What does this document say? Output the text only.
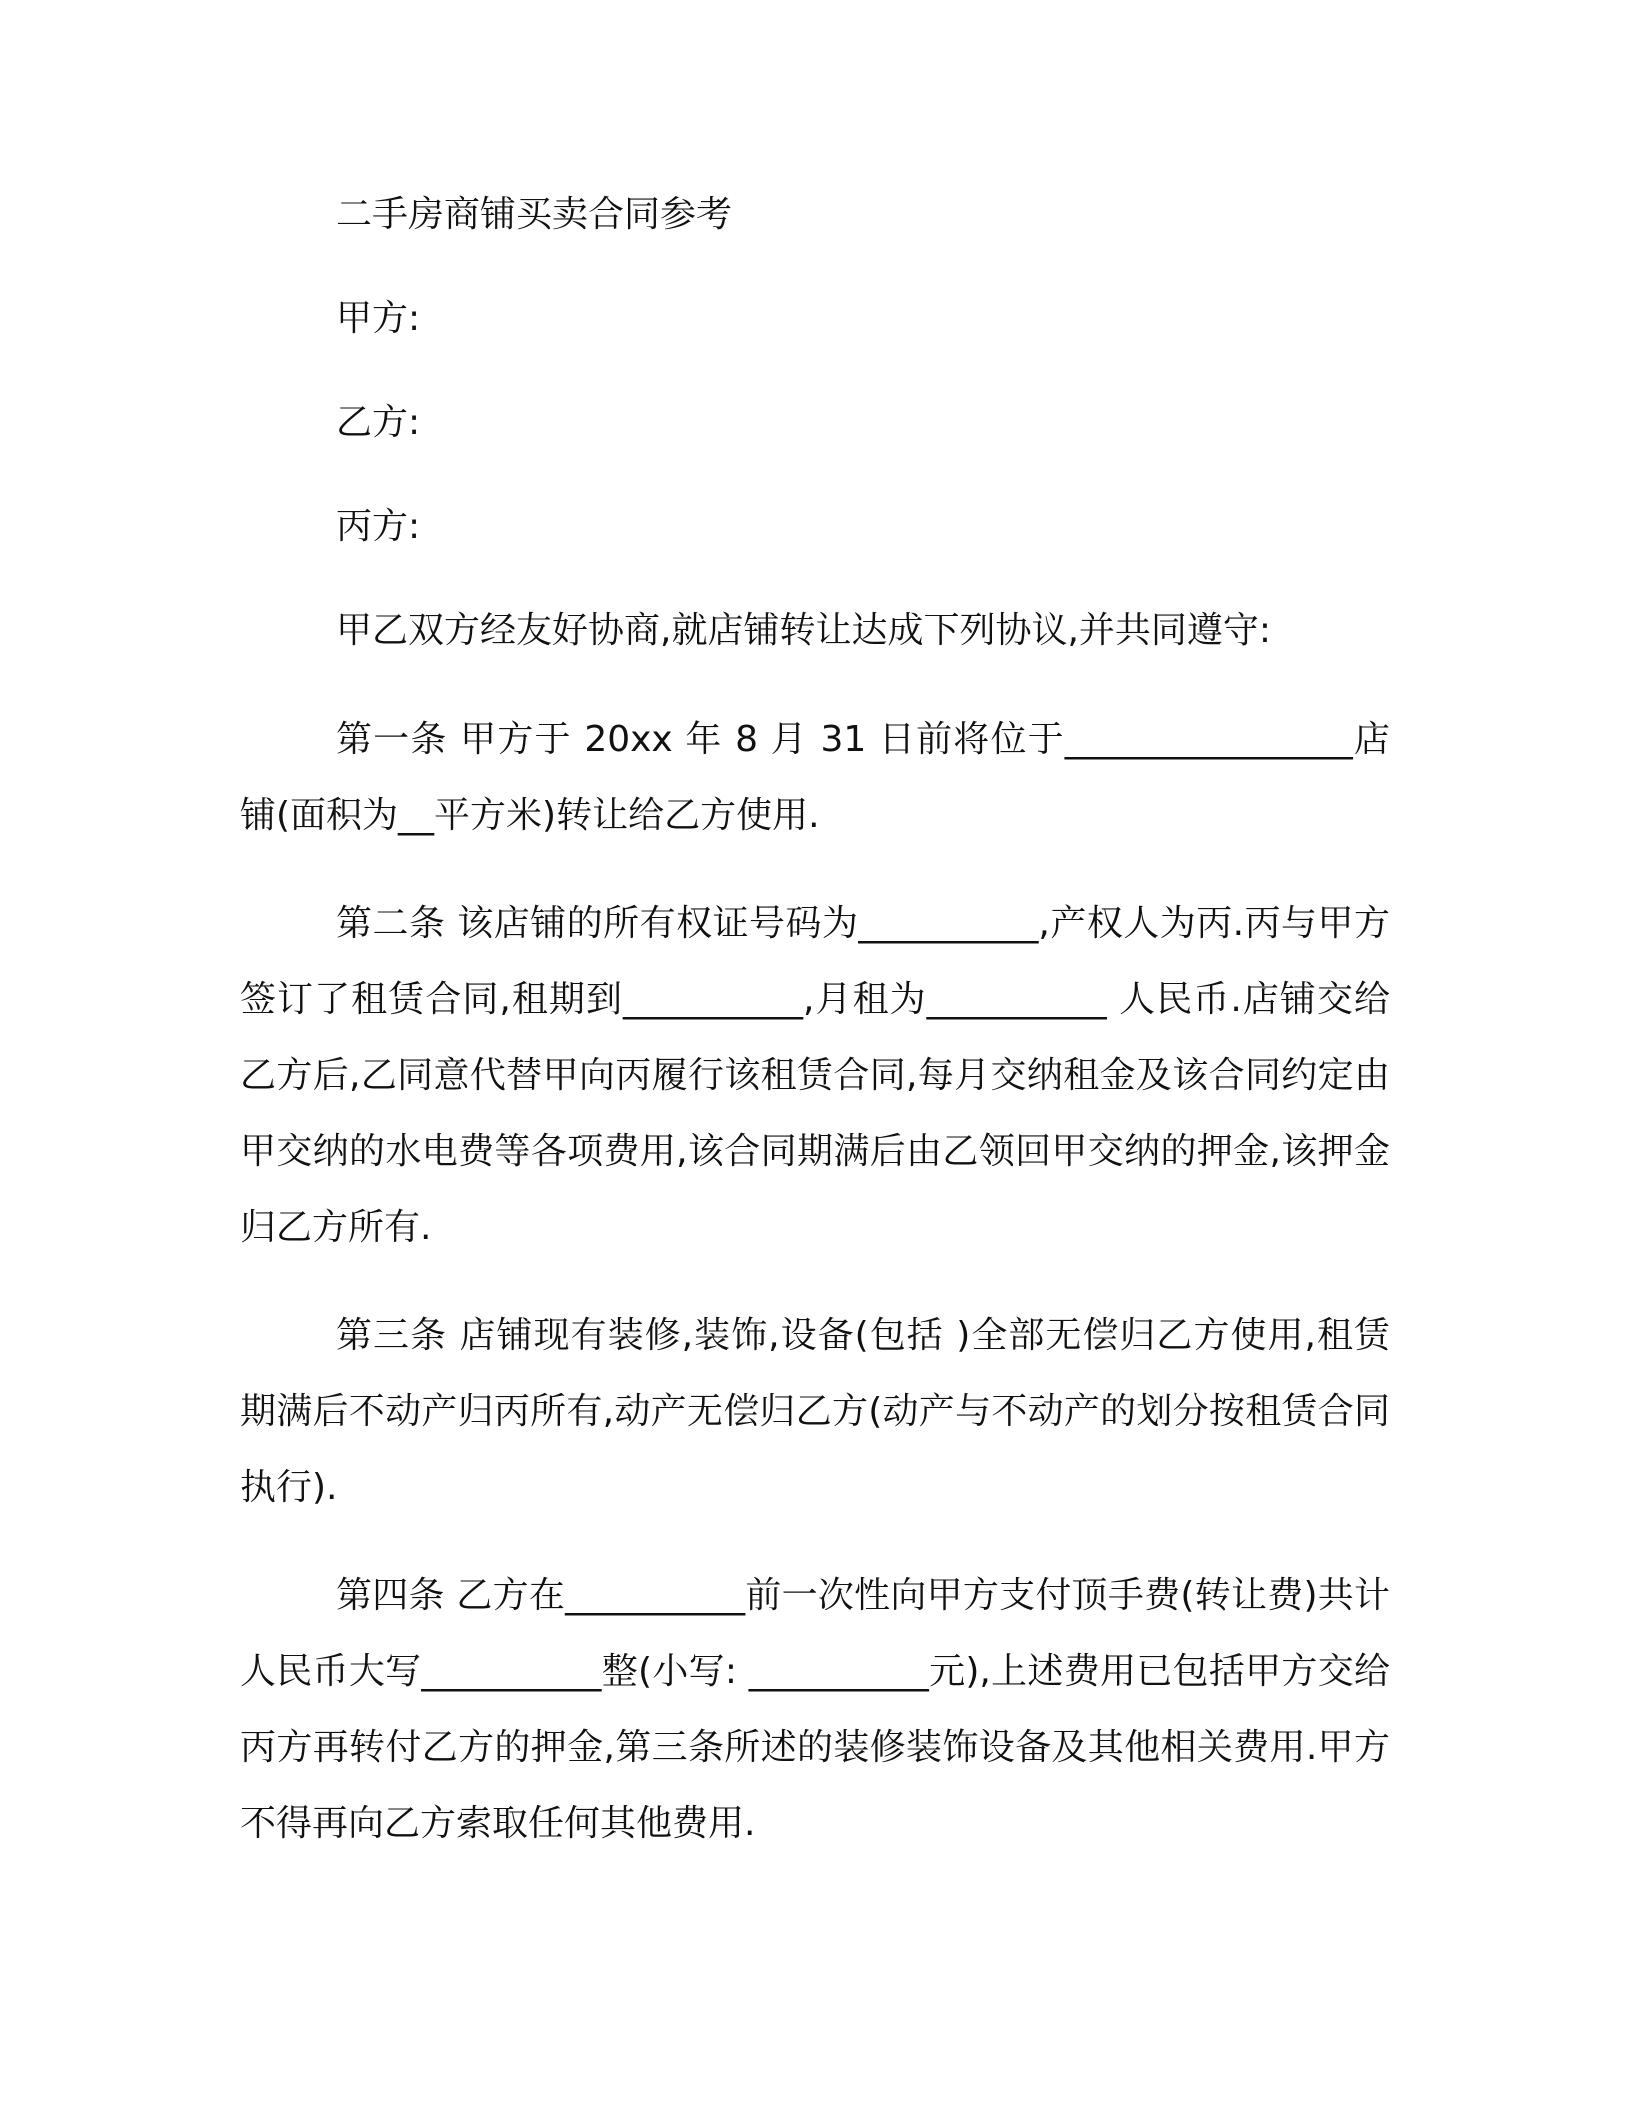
二手房商铺买卖合同参考

甲方:

乙方:

丙方:

甲乙双方经友好协商,就店铺转让达成下列协议,并共同遵守:

第一条 甲方于 20xx 年 8 月 31 日前将位于________________店铺(面积为__平方米)转让给乙方使用.

第二条 该店铺的所有权证号码为__________,产权人为丙.丙与甲方签订了租赁合同,租期到__________,月租为__________ 人民币.店铺交给乙方后,乙同意代替甲向丙履行该租赁合同,每月交纳租金及该合同约定由甲交纳的水电费等各项费用,该合同期满后由乙领回甲交纳的押金,该押金归乙方所有.

第三条 店铺现有装修,装饰,设备(包括 )全部无偿归乙方使用,租赁期满后不动产归丙所有,动产无偿归乙方(动产与不动产的划分按租赁合同执行).

第四条 乙方在__________前一次性向甲方支付顶手费(转让费)共计人民币大写__________整(小写: __________元),上述费用已包括甲方交给丙方再转付乙方的押金,第三条所述的装修装饰设备及其他相关费用.甲方不得再向乙方索取任何其他费用.
